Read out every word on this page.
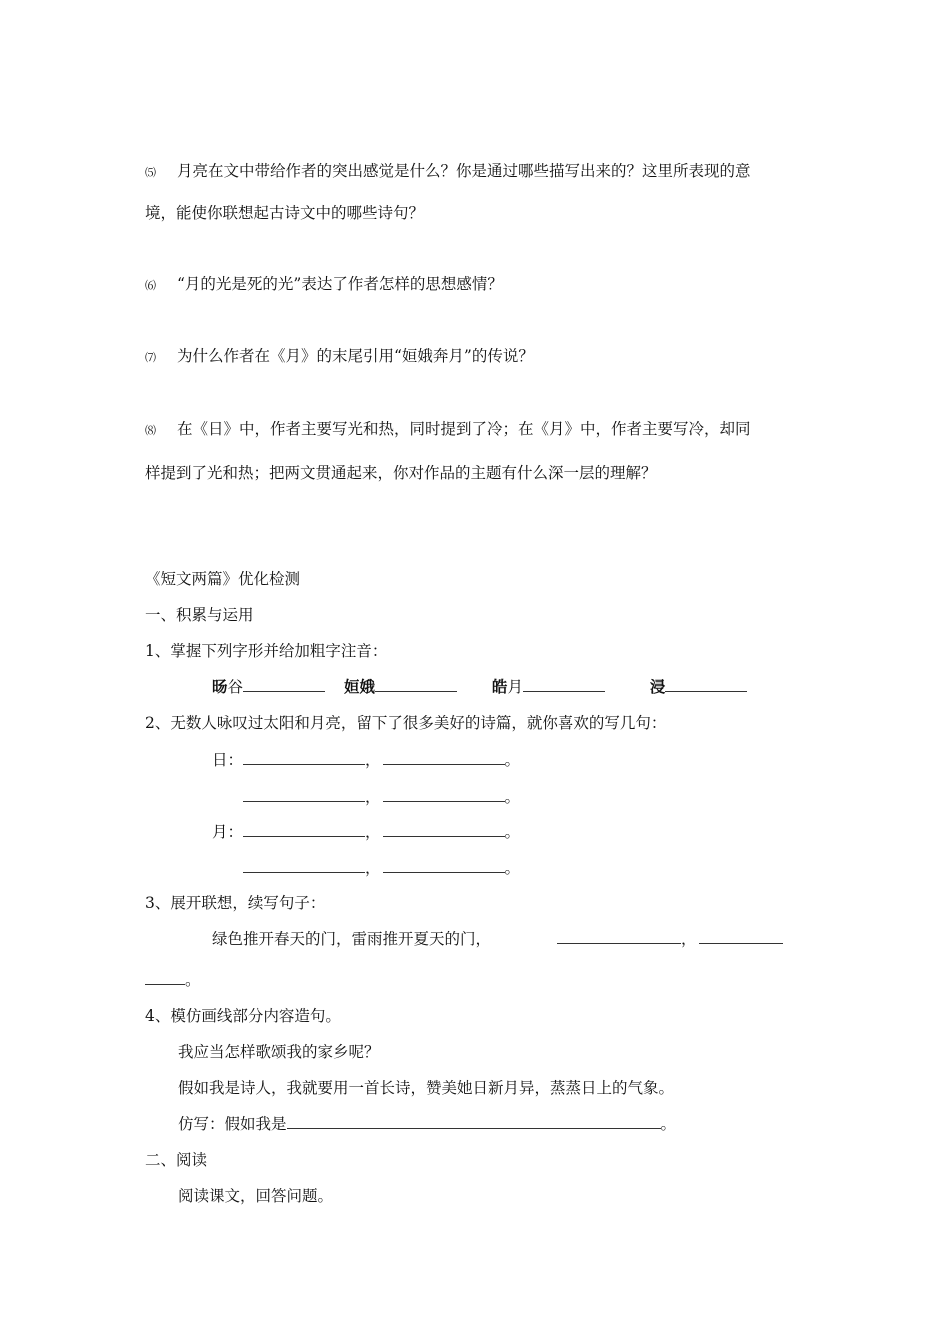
⑸ 月亮在文中带给作者的突出感觉是什么？你是通过哪些描写出来的？这里所表现的意
境，能使你联想起古诗文中的哪些诗句？
⑹ “月的光是死的光”表达了作者怎样的思想感情？
⑺ 为什么作者在《月》的末尾引用“姮娥奔月”的传说？
⑻ 在《日》中，作者主要写光和热，同时提到了冷；在《月》中，作者主要写冷，却同
样提到了光和热；把两文贯通起来，你对作品的主题有什么深一层的理解？
《短文两篇》优化检测
一、积累与运用
1、掌握下列字形并给加粗字注音：
旸谷	姮娥	皓月	浸
2、无数人咏叹过太阳和月亮，留下了很多美好的诗篇，就你喜欢的写几句：
日：	，	。
，	。
月：	，	。
，	。
3、展开联想，续写句子：
绿色推开春天的门，雷雨推开夏天的门，	，
。
4、模仿画线部分内容造句。
我应当怎样歌颂我的家乡呢？
假如我是诗人，我就要用一首长诗，赞美她日新月异，蒸蒸日上的气象。
仿写：假如我是	。
二、阅读
阅读课文，回答问题。
